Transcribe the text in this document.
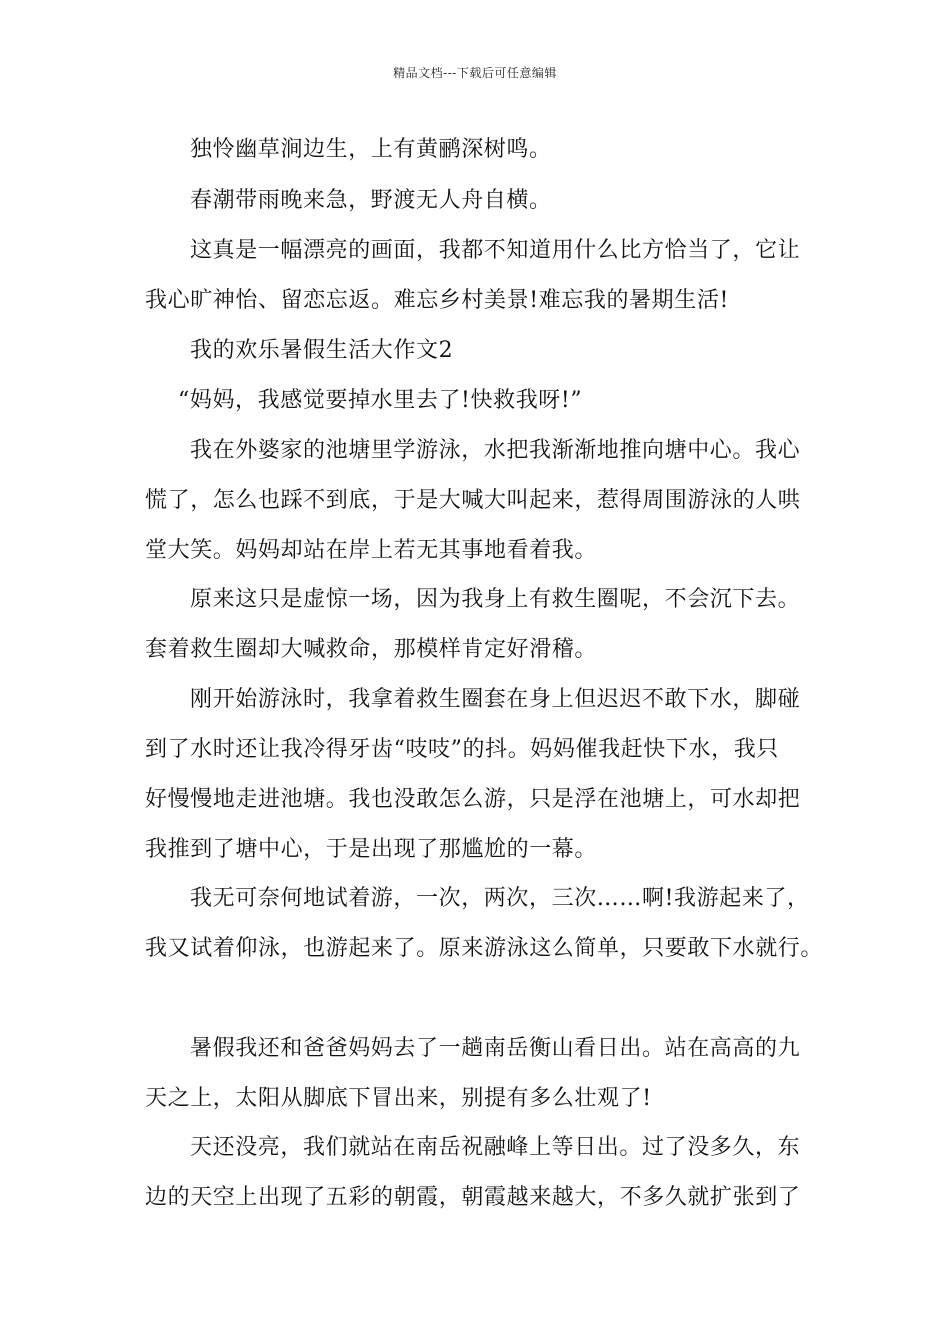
精品文档---下载后可任意编辑
独怜幽草涧边生，上有黄鹂深树鸣。
春潮带雨晚来急，野渡无人舟自横。
这真是一幅漂亮的画面，我都不知道用什么比方恰当了，它让
我心旷神怡、留恋忘返。难忘乡村美景!难忘我的暑期生活!
我的欢乐暑假生活大作文2
“妈妈，我感觉要掉水里去了!快救我呀!”
我在外婆家的池塘里学游泳，水把我渐渐地推向塘中心。我心
慌了，怎么也踩不到底，于是大喊大叫起来，惹得周围游泳的人哄
堂大笑。妈妈却站在岸上若无其事地看着我。
原来这只是虚惊一场，因为我身上有救生圈呢，不会沉下去。
套着救生圈却大喊救命，那模样肯定好滑稽。
刚开始游泳时，我拿着救生圈套在身上但迟迟不敢下水，脚碰
到了水时还让我冷得牙齿“吱吱”的抖。妈妈催我赶快下水，我只
好慢慢地走进池塘。我也没敢怎么游，只是浮在池塘上，可水却把
我推到了塘中心，于是出现了那尴尬的一幕。
我无可奈何地试着游，一次，两次，三次……啊!我游起来了，
我又试着仰泳，也游起来了。原来游泳这么简单，只要敢下水就行。
暑假我还和爸爸妈妈去了一趟南岳衡山看日出。站在高高的九
天之上，太阳从脚底下冒出来，别提有多么壮观了!
天还没亮，我们就站在南岳祝融峰上等日出。过了没多久，东
边的天空上出现了五彩的朝霞，朝霞越来越大，不多久就扩张到了
